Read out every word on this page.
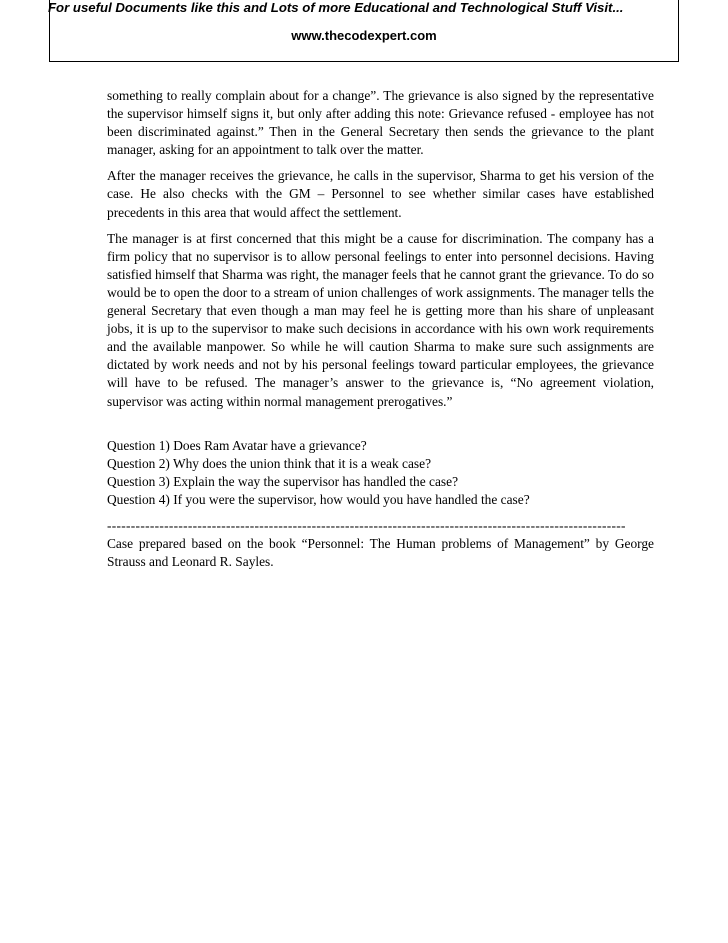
For useful Documents like this and Lots of more Educational and Technological Stuff Visit...
www.thecodexpert.com

something to really complain about for a change”. The grievance is also signed by the representative the supervisor himself signs it, but only after adding this note: Grievance refused - employee has not been discriminated against.” Then in the General Secretary then sends the grievance to the plant manager, asking for an appointment to talk over the matter.

After the manager receives the grievance, he calls in the supervisor, Sharma to get his version of the case. He also checks with the GM – Personnel to see whether similar cases have established precedents in this area that would affect the settlement.

The manager is at first concerned that this might be a cause for discrimination. The company has a firm policy that no supervisor is to allow personal feelings to enter into personnel decisions. Having satisfied himself that Sharma was right, the manager feels that he cannot grant the grievance. To do so would be to open the door to a stream of union challenges of work assignments. The manager tells the general Secretary that even though a man may feel he is getting more than his share of unpleasant jobs, it is up to the supervisor to make such decisions in accordance with his own work requirements and the available manpower. So while he will caution Sharma to make sure such assignments are dictated by work needs and not by his personal feelings toward particular employees, the grievance will have to be refused. The manager’s answer to the grievance is, “No agreement violation, supervisor was acting within normal management prerogatives.”

Question 1) Does Ram Avatar have a grievance?

Question 2) Why does the union think that it is a weak case?

Question 3) Explain the way the supervisor has handled the case?

Question 4) If you were the supervisor, how would you have handled the case?

-------------------------------------------------------------------------------------------------------------

Case prepared based on the book “Personnel: The Human problems of Management” by George Strauss and Leonard R. Sayles.
